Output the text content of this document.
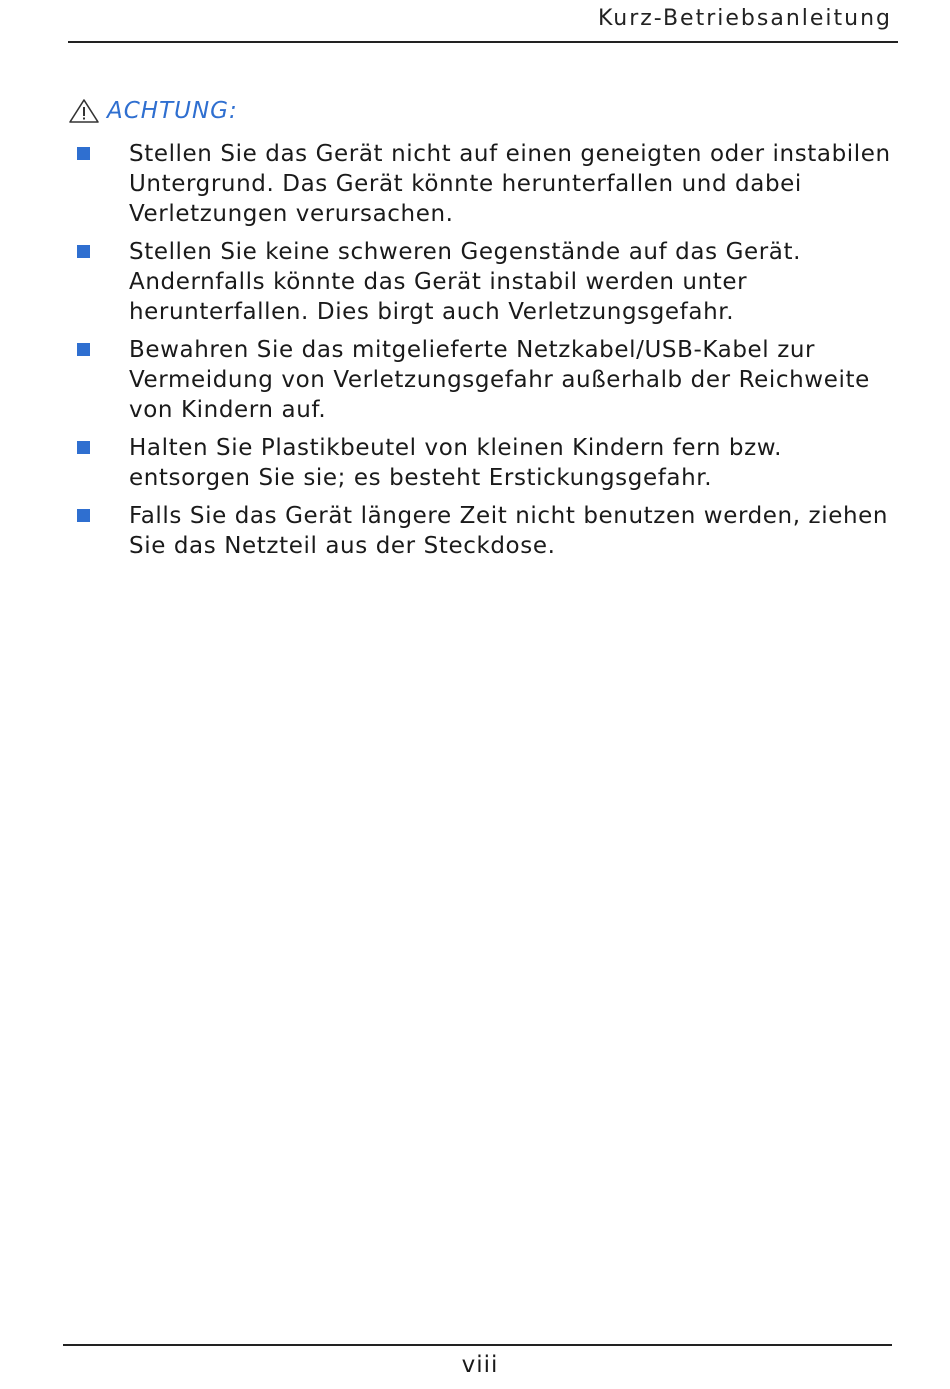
Kurz-Betriebsanleitung
ACHTUNG:
Stellen Sie das Gerät nicht auf einen geneigten oder instabilen Untergrund. Das Gerät könnte herunterfallen und dabei Verletzungen verursachen.
Stellen Sie keine schweren Gegenstände auf das Gerät. Andernfalls könnte das Gerät instabil werden unter herunterfallen. Dies birgt auch Verletzungsgefahr.
Bewahren Sie das mitgelieferte Netzkabel/USB-Kabel zur Vermeidung von Verletzungsgefahr außerhalb der Reichweite von Kindern auf.
Halten Sie Plastikbeutel von kleinen Kindern fern bzw. entsorgen Sie sie; es besteht Erstickungsgefahr.
Falls Sie das Gerät längere Zeit nicht benutzen werden, ziehen Sie das Netzteil aus der Steckdose.
viii
